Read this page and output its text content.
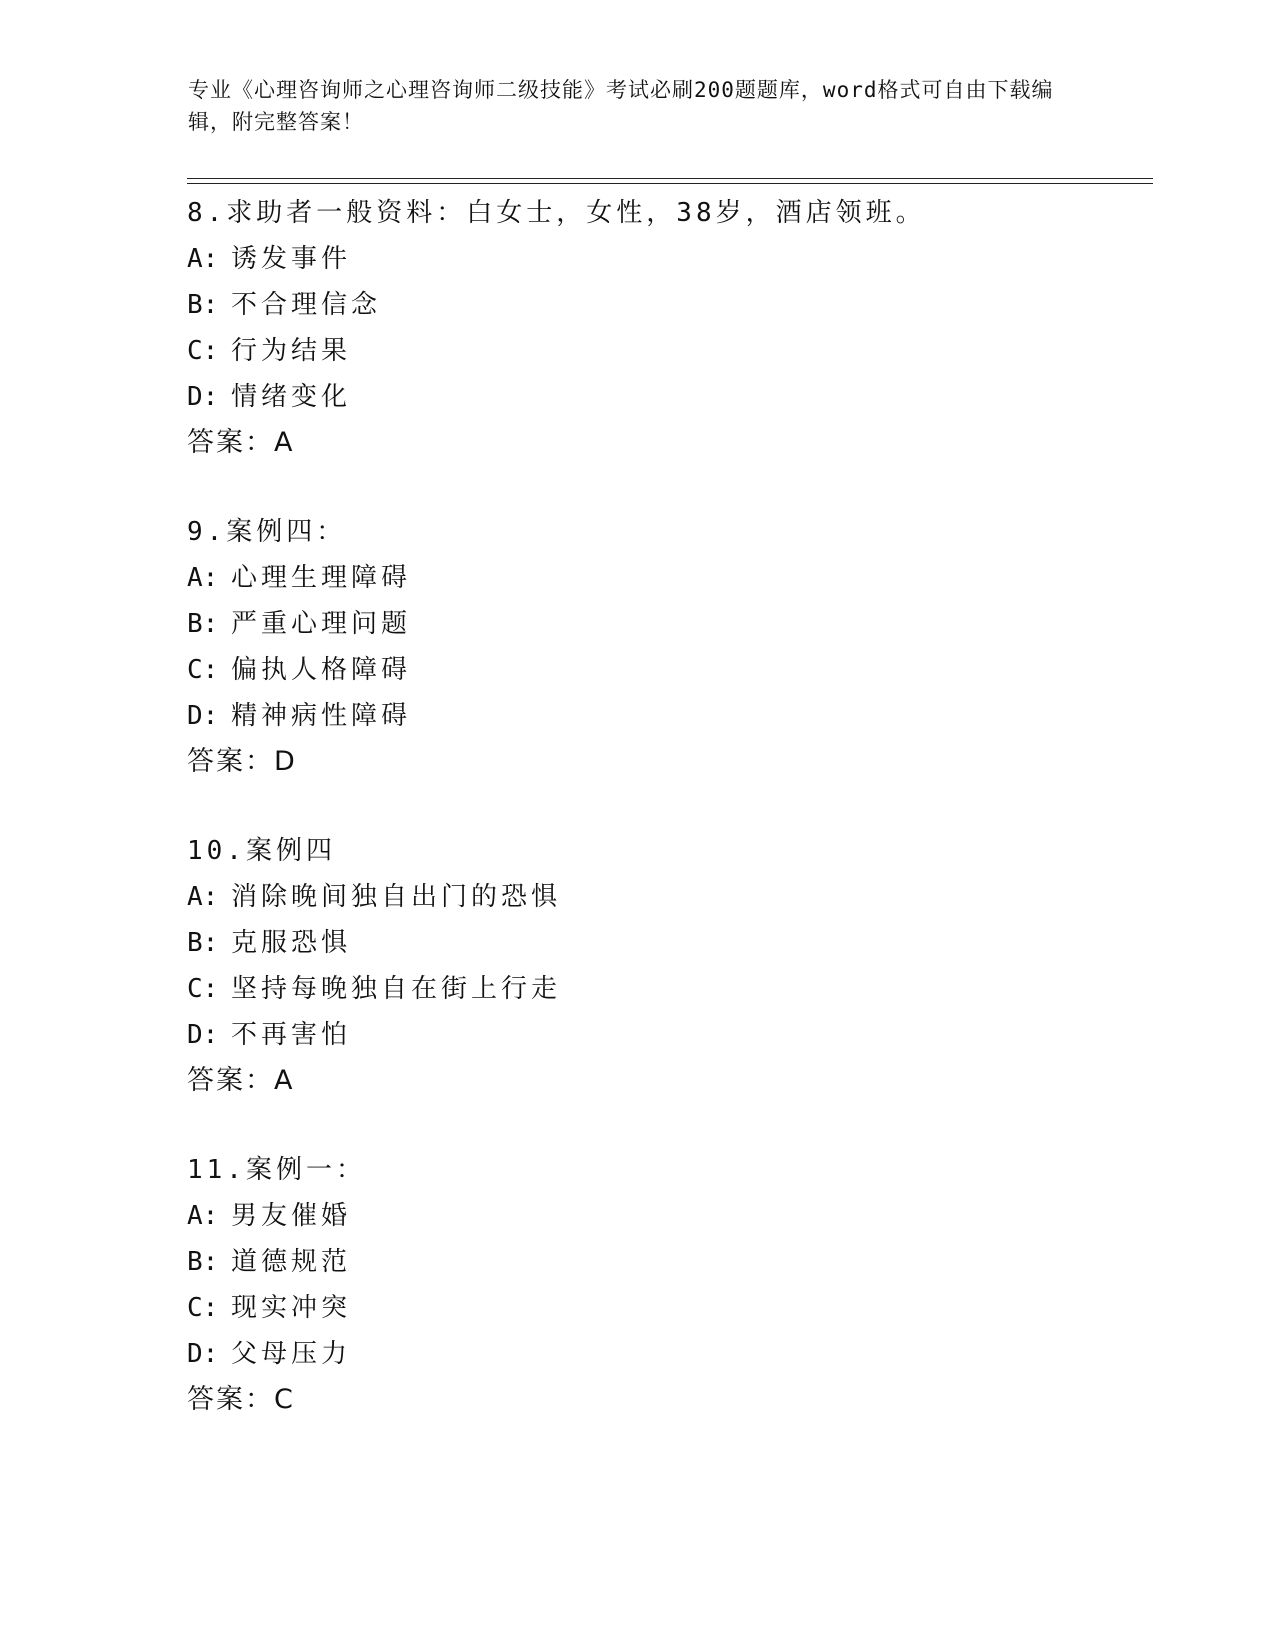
专业《心理咨询师之心理咨询师二级技能》考试必刷200题题库，word格式可自由下载编辑，附完整答案！
8.求助者一般资料：白女士，女性，38岁，酒店领班。
A: 诱发事件
B: 不合理信念
C: 行为结果
D: 情绪变化
答案：A
9.案例四：
A: 心理生理障碍
B: 严重心理问题
C: 偏执人格障碍
D: 精神病性障碍
答案：D
10.案例四
A: 消除晚间独自出门的恐惧
B: 克服恐惧
C: 坚持每晚独自在街上行走
D: 不再害怕
答案：A
11.案例一：
A: 男友催婚
B: 道德规范
C: 现实冲突
D: 父母压力
答案：C
